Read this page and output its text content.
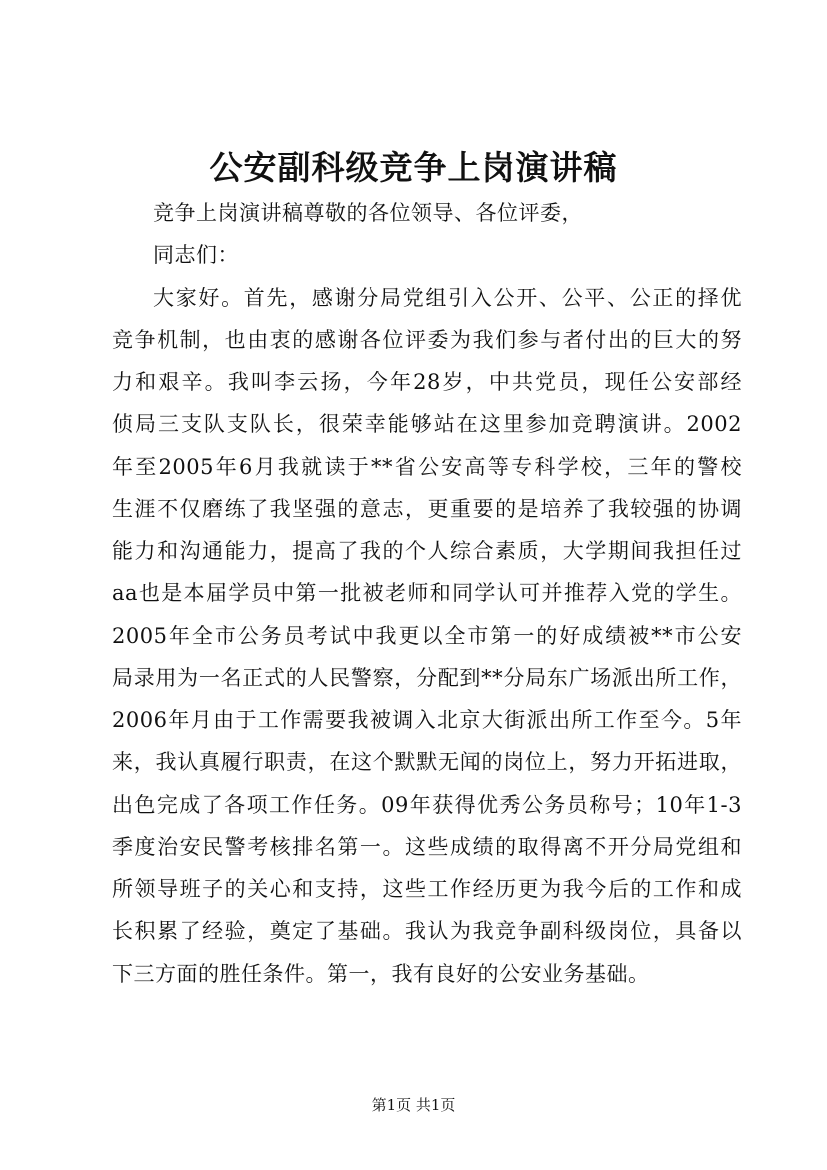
公安副科级竞争上岗演讲稿
竞争上岗演讲稿尊敬的各位领导、各位评委，
同志们：
大家好。首先，感谢分局党组引入公开、公平、公正的择优
竞争机制，也由衷的感谢各位评委为我们参与者付出的巨大的努
力和艰辛。我叫李云扬，今年28岁，中共党员，现任公安部经
侦局三支队支队长，很荣幸能够站在这里参加竞聘演讲。2002
年至2005年6月我就读于**省公安高等专科学校，三年的警校
生涯不仅磨练了我坚强的意志，更重要的是培养了我较强的协调
能力和沟通能力，提高了我的个人综合素质，大学期间我担任过
aa也是本届学员中第一批被老师和同学认可并推荐入党的学生。
2005年全市公务员考试中我更以全市第一的好成绩被**市公安
局录用为一名正式的人民警察，分配到**分局东广场派出所工作，
2006年月由于工作需要我被调入北京大街派出所工作至今。5年
来，我认真履行职责，在这个默默无闻的岗位上，努力开拓进取，
出色完成了各项工作任务。09年获得优秀公务员称号；10年1-3
季度治安民警考核排名第一。这些成绩的取得离不开分局党组和
所领导班子的关心和支持，这些工作经历更为我今后的工作和成
长积累了经验，奠定了基础。我认为我竞争副科级岗位，具备以
下三方面的胜任条件。第一，我有良好的公安业务基础。
第1页 共1页
